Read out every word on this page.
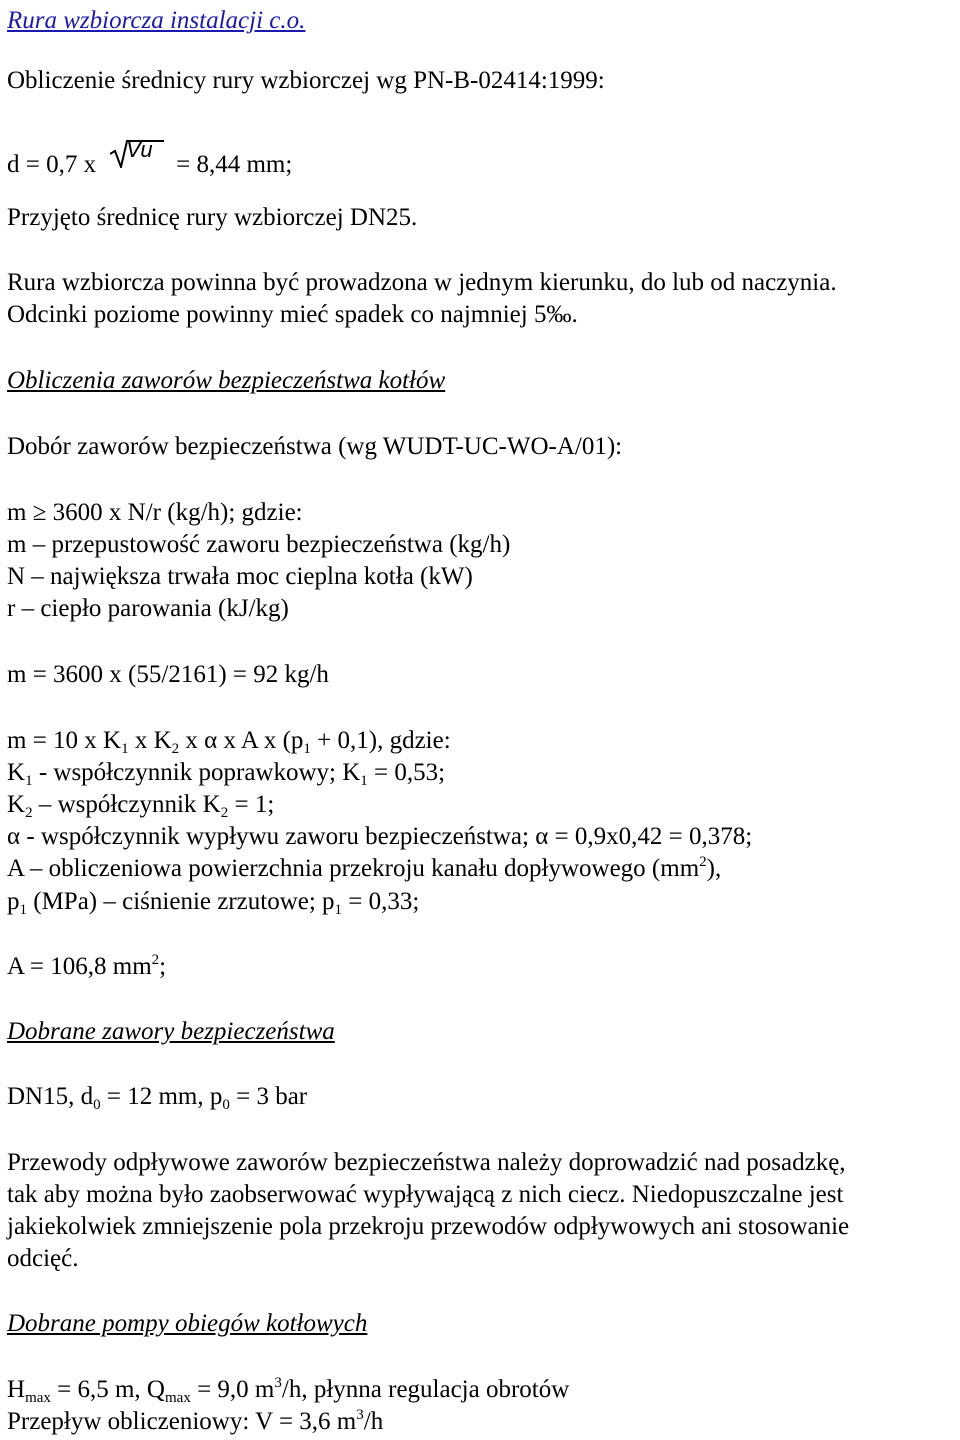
Rura wzbiorcza instalacji c.o.
Obliczenie średnicy rury wzbiorczej wg PN-B-02414:1999:
d = 0,7 x
Vu
= 8,44 mm;
Przyjęto średnicę rury wzbiorczej DN25.
Rura wzbiorcza powinna być prowadzona w jednym kierunku, do lub od naczynia.
Odcinki poziome powinny mieć spadek co najmniej 5‰.
Obliczenia zaworów bezpieczeństwa kotłów
Dobór zaworów bezpieczeństwa (wg WUDT-UC-WO-A/01):
m ≥ 3600 x N/r (kg/h); gdzie:
m – przepustowość zaworu bezpieczeństwa (kg/h)
N – największa trwała moc cieplna kotła (kW)
r – ciepło parowania (kJ/kg)
m = 3600 x (55/2161) = 92 kg/h
m = 10 x $K_1$ x $K_2$ x α x A x $(p_1 + 0,1)$, gdzie:
$K_1$ - współczynnik poprawkowy; $K_1 = 0,53$;
$K_2$ – współczynnik $K_2 = 1$;
α - współczynnik wypływu zaworu bezpieczeństwa; α = 0,9x0,42 = 0,378;
A – obliczeniowa powierzchnia przekroju kanału dopływowego $(mm^2)$,
$p_1$ (MPa) – ciśnienie zrzutowe; $p_1 = 0,33$;
A = 106,8 $mm^2$;
Dobrane zawory bezpieczeństwa
DN15, $d_0 = 12$ mm, $p_0 = 3$ bar
Przewody odpływowe zaworów bezpieczeństwa należy doprowadzić nad posadzkę,
tak aby można było zaobserwować wypływającą z nich ciecz. Niedopuszczalne jest
jakiekolwiek zmniejszenie pola przekroju przewodów odpływowych ani stosowanie
odcięć.
Dobrane pompy obiegów kotłowych
$H_{max} = 6,5$ m, $Q_{max} = 9,0$ $m^3/h$, płynna regulacja obrotów
Przepływ obliczeniowy: V = 3,6 $m^3/h$
